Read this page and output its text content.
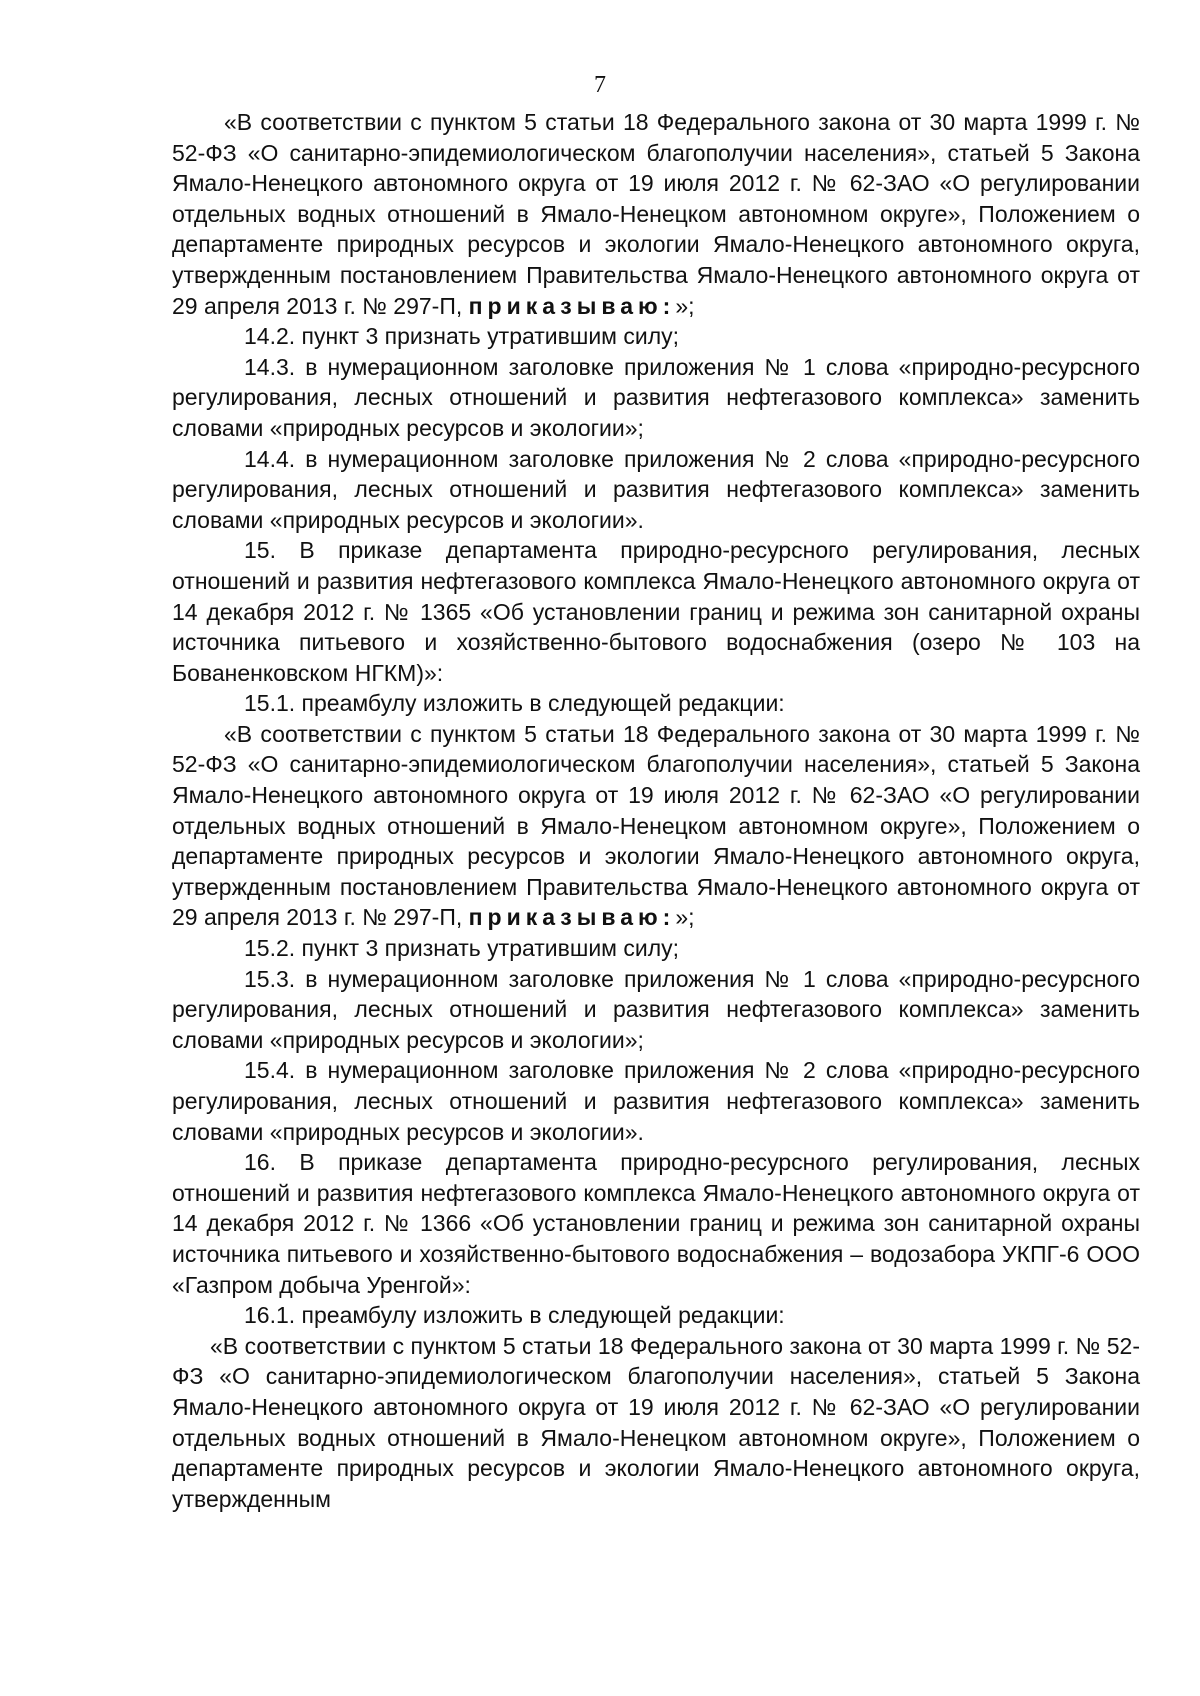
7

«В соответствии с пунктом 5 статьи 18 Федерального закона от 30 марта 1999 г. № 52-ФЗ «О санитарно-эпидемиологическом благополучии населения», статьей 5 Закона Ямало-Ненецкого автономного округа от 19 июля 2012 г. № 62-ЗАО «О регулировании отдельных водных отношений в Ямало-Ненецком автономном округе», Положением о департаменте природных ресурсов и экологии Ямало-Ненецкого автономного округа, утвержденным постановлением Правительства Ямало-Ненецкого автономного округа от 29 апреля 2013 г. № 297-П, приказываю:»;

14.2. пункт 3 признать утратившим силу;

14.3. в нумерационном заголовке приложения № 1 слова «природно-ресурсного регулирования, лесных отношений и развития нефтегазового комплекса» заменить словами «природных ресурсов и экологии»;

14.4. в нумерационном заголовке приложения № 2 слова «природно-ресурсного регулирования, лесных отношений и развития нефтегазового комплекса» заменить словами «природных ресурсов и экологии».

15. В приказе департамента природно-ресурсного регулирования, лесных отношений и развития нефтегазового комплекса Ямало-Ненецкого автономного округа от 14 декабря 2012 г. № 1365 «Об установлении границ и режима зон санитарной охраны источника питьевого и хозяйственно-бытового водоснабжения (озеро № 103 на Бованенковском НГКМ)»:

15.1. преамбулу изложить в следующей редакции:

«В соответствии с пунктом 5 статьи 18 Федерального закона от 30 марта 1999 г. № 52-ФЗ «О санитарно-эпидемиологическом благополучии населения», статьей 5 Закона Ямало-Ненецкого автономного округа от 19 июля 2012 г. № 62-ЗАО «О регулировании отдельных водных отношений в Ямало-Ненецком автономном округе», Положением о департаменте природных ресурсов и экологии Ямало-Ненецкого автономного округа, утвержденным постановлением Правительства Ямало-Ненецкого автономного округа от 29 апреля 2013 г. № 297-П, приказываю:»;

15.2. пункт 3 признать утратившим силу;

15.3. в нумерационном заголовке приложения № 1 слова «природно-ресурсного регулирования, лесных отношений и развития нефтегазового комплекса» заменить словами «природных ресурсов и экологии»;

15.4. в нумерационном заголовке приложения № 2 слова «природно-ресурсного регулирования, лесных отношений и развития нефтегазового комплекса» заменить словами «природных ресурсов и экологии».

16. В приказе департамента природно-ресурсного регулирования, лесных отношений и развития нефтегазового комплекса Ямало-Ненецкого автономного округа от 14 декабря 2012 г. № 1366 «Об установлении границ и режима зон санитарной охраны источника питьевого и хозяйственно-бытового водоснабжения – водозабора УКПГ-6 ООО «Газпром добыча Уренгой»:

16.1. преамбулу изложить в следующей редакции:

«В соответствии с пунктом 5 статьи 18 Федерального закона от 30 марта 1999 г. № 52-ФЗ «О санитарно-эпидемиологическом благополучии населения», статьей 5 Закона Ямало-Ненецкого автономного округа от 19 июля 2012 г. № 62-ЗАО «О регулировании отдельных водных отношений в Ямало-Ненецком автономном округе», Положением о департаменте природных ресурсов и экологии Ямало-Ненецкого автономного округа, утвержденным
